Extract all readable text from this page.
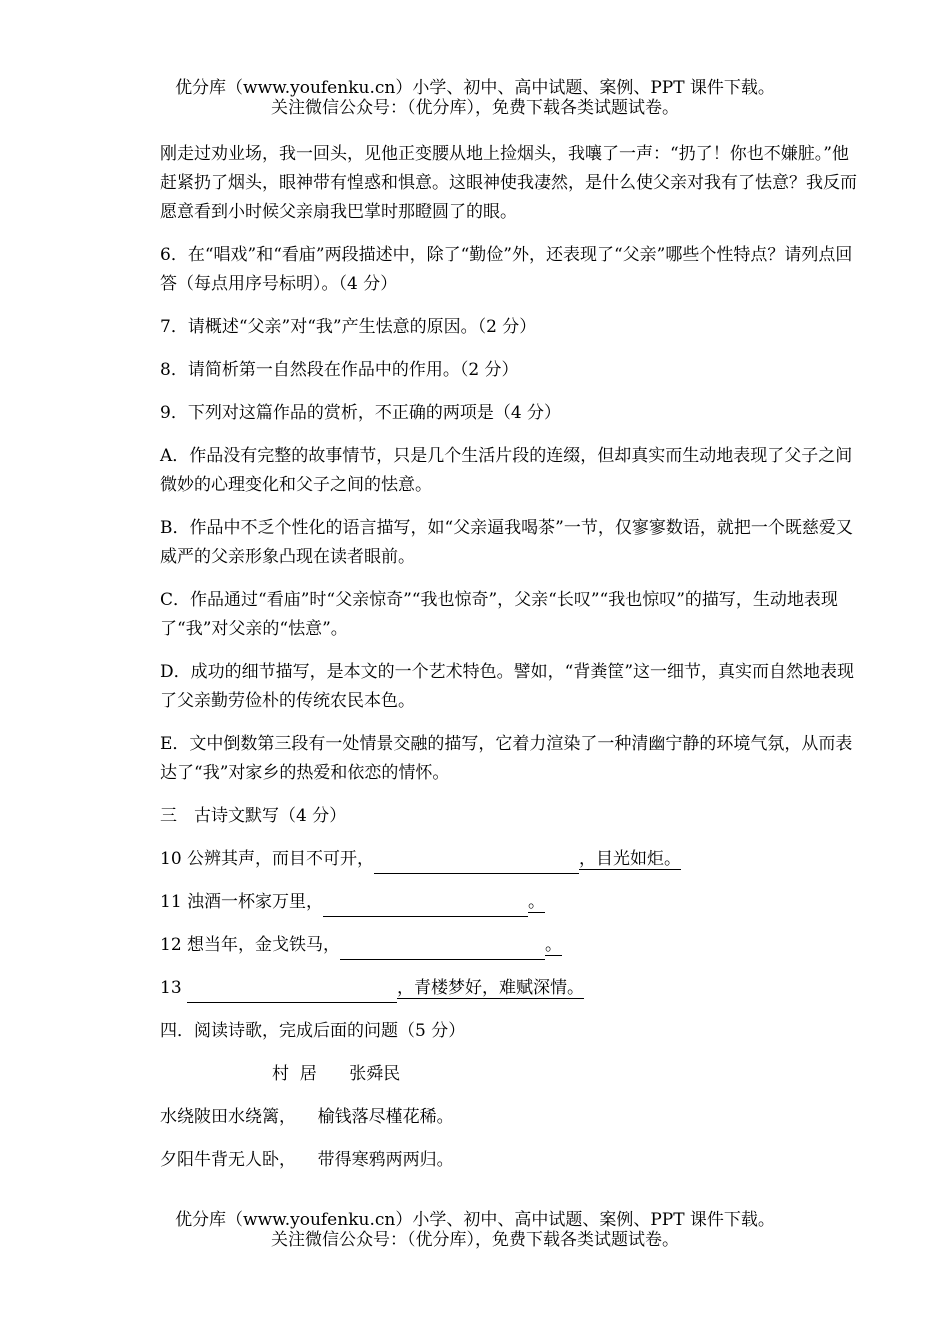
优分库（www.youfenku.cn）小学、初中、高中试题、案例、PPT 课件下载。
关注微信公众号：（优分库），免费下载各类试题试卷。

刚走过劝业场，我一回头，见他正变腰从地上捡烟头，我嚷了一声：“扔了！你也不嫌脏。”他赶紧扔了烟头，眼神带有惶惑和惧意。这眼神使我凄然，是什么使父亲对我有了怯意？我反而愿意看到小时候父亲扇我巴掌时那瞪圆了的眼。

6．在“唱戏”和“看庙”两段描述中，除了“勤俭”外，还表现了“父亲”哪些个性特点？请列点回答（每点用序号标明）。（4 分）

7．请概述“父亲”对“我”产生怯意的原因。（2 分）

8．请简析第一自然段在作品中的作用。（2 分）

9．下列对这篇作品的赏析，不正确的两项是（4 分）

A．作品没有完整的故事情节，只是几个生活片段的连缀，但却真实而生动地表现了父子之间微妙的心理变化和父子之间的怯意。

B．作品中不乏个性化的语言描写，如“父亲逼我喝茶”一节，仅寥寥数语，就把一个既慈爱又威严的父亲形象凸现在读者眼前。

C．作品通过“看庙”时“父亲惊奇”“我也惊奇”，父亲“长叹”“我也惊叹”的描写，生动地表现了“我”对父亲的“怯意”。

D．成功的细节描写，是本文的一个艺术特色。譬如，“背粪筐”这一细节，真实而自然地表现了父亲勤劳俭朴的传统农民本色。

E．文中倒数第三段有一处情景交融的描写，它着力渲染了一种清幽宁静的环境气氛，从而表达了“我”对家乡的热爱和依恋的情怀。

三　古诗文默写（4 分）

10 公辨其声，而目不可开，	，目光如炬。

11 浊酒一杯家万里，	。

12 想当年，金戈铁马，	。

13	，青楼梦好，难赋深情。

四．阅读诗歌，完成后面的问题（5 分）

村  居      张舜民

水绕陂田水绕篱，    榆钱落尽槿花稀。

夕阳牛背无人卧，    带得寒鸦两两归。

优分库（www.youfenku.cn）小学、初中、高中试题、案例、PPT 课件下载。
关注微信公众号：（优分库），免费下载各类试题试卷。
